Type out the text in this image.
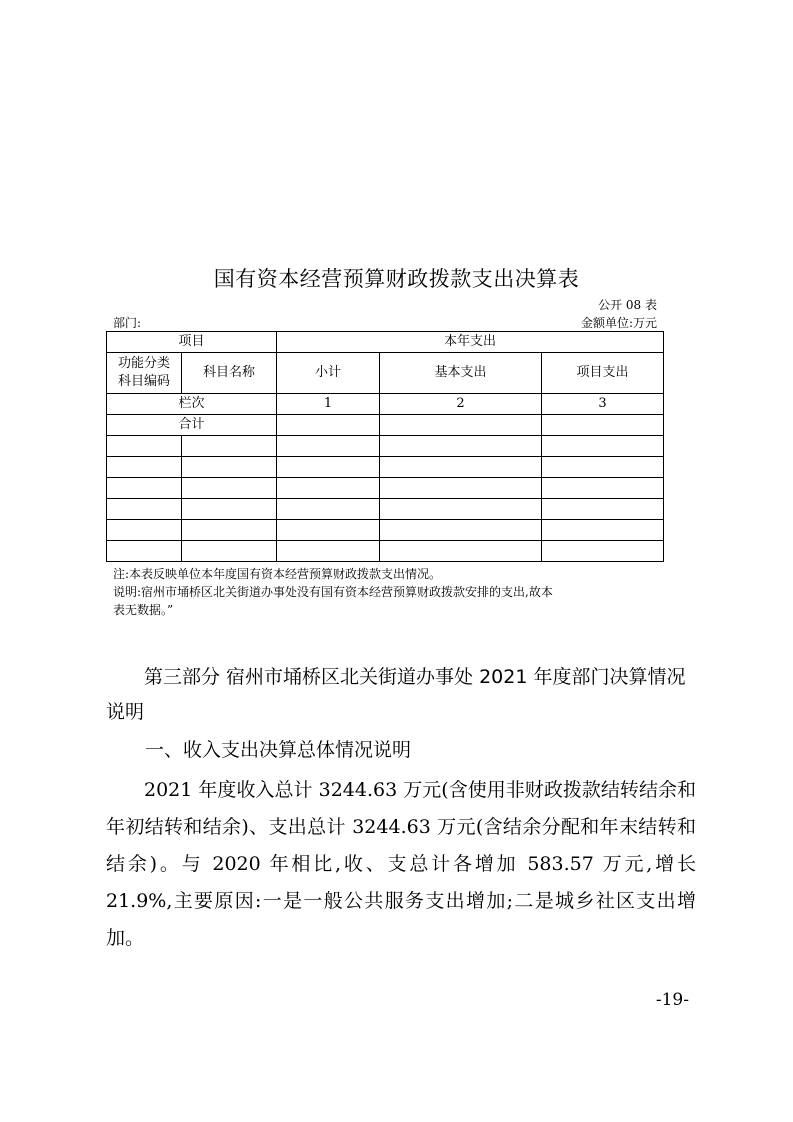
国有资本经营预算财政拨款支出决算表
公开 08 表
部门:	金额单位:万元
项目		本年支出		

功能分类科目编码	科目名称	小计	基本支出	项目支出
栏次		1	2	3
合计				

注:本表反映单位本年度国有资本经营预算财政拨款支出情况。
说明:宿州市埇桥区北关街道办事处没有国有资本经营预算财政拨款安排的支出,故本
表无数据。”
第三部分 宿州市埇桥区北关街道办事处 2021 年度部门决算情况说明
一、收入支出决算总体情况说明
2021 年度收入总计 3244.63 万元(含使用非财政拨款结转结余和年初结转和结余)、支出总计 3244.63 万元(含结余分配和年末结转和结余)。与 2020 年相比,收、支总计各增加 583.57 万元,增长 21.9%,主要原因:一是一般公共服务支出增加;二是城乡社区支出增加。
-19-
